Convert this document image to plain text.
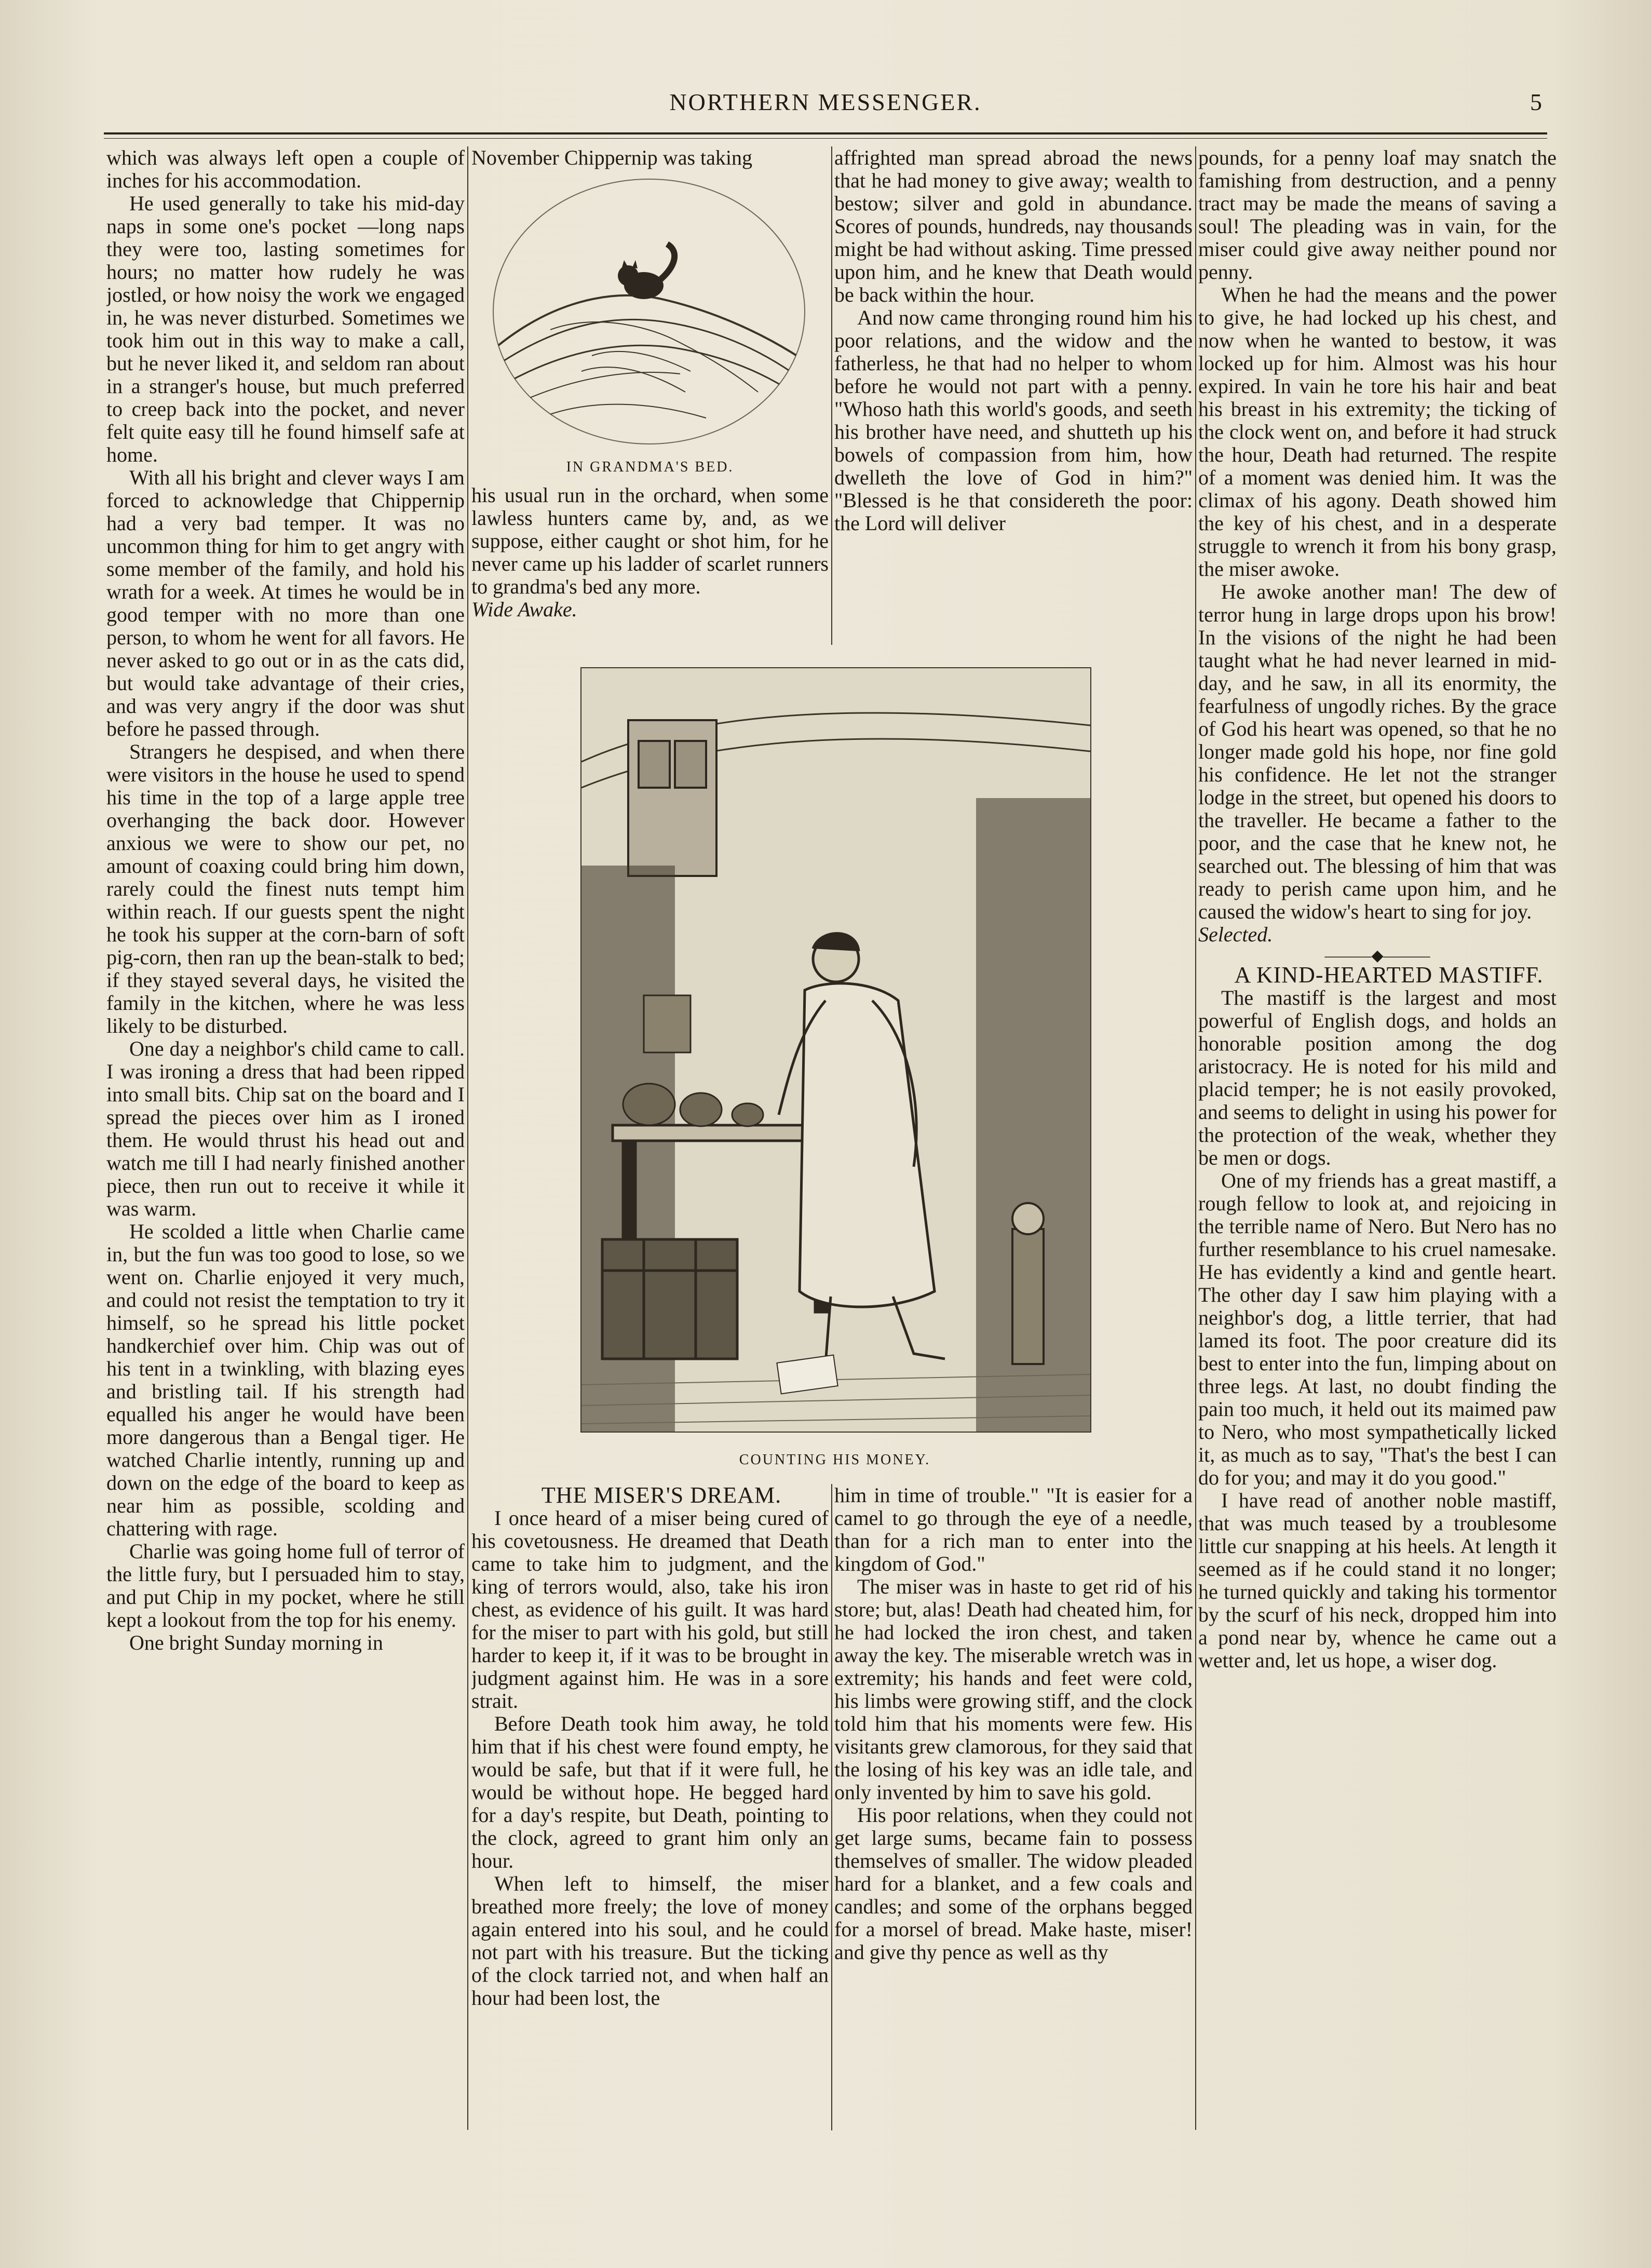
NORTHERN MESSENGER.	5

which was always left open a couple of inches for his accommodation.

He used generally to take his mid-day naps in some one's pocket —long naps they were too, lasting sometimes for hours; no matter how rudely he was jostled, or how noisy the work we engaged in, he was never disturbed. Sometimes we took him out in this way to make a call, but he never liked it, and seldom ran about in a stranger's house, but much preferred to creep back into the pocket, and never felt quite easy till he found himself safe at home.

With all his bright and clever ways I am forced to acknowledge that Chippernip had a very bad temper. It was no uncommon thing for him to get angry with some member of the family, and hold his wrath for a week. At times he would be in good temper with no more than one person, to whom he went for all favors. He never asked to go out or in as the cats did, but would take advantage of their cries, and was very angry if the door was shut before he passed through.

Strangers he despised, and when there were visitors in the house he used to spend his time in the top of a large apple tree overhanging the back door. However anxious we were to show our pet, no amount of coaxing could bring him down, rarely could the finest nuts tempt him within reach. If our guests spent the night he took his supper at the corn-barn of soft pig-corn, then ran up the bean-stalk to bed; if they stayed several days, he visited the family in the kitchen, where he was less likely to be disturbed.

One day a neighbor's child came to call. I was ironing a dress that had been ripped into small bits. Chip sat on the board and I spread the pieces over him as I ironed them. He would thrust his head out and watch me till I had nearly finished another piece, then run out to receive it while it was warm.

He scolded a little when Charlie came in, but the fun was too good to lose, so we went on. Charlie enjoyed it very much, and could not resist the temptation to try it himself, so he spread his little pocket handkerchief over him. Chip was out of his tent in a twinkling, with blazing eyes and bristling tail. If his strength had equalled his anger he would have been more dangerous than a Bengal tiger. He watched Charlie intently, running up and down on the edge of the board to keep as near him as possible, scolding and chattering with rage.

Charlie was going home full of terror of the little fury, but I persuaded him to stay, and put Chip in my pocket, where he still kept a lookout from the top for his enemy.

One bright Sunday morning in

November Chippernip was taking

IN GRANDMA'S BED.

his usual run in the orchard, when some lawless hunters came by, and, as we suppose, either caught or shot him, for he never came up his ladder of scarlet runners to grandma's bed any more.

Wide Awake.

affrighted man spread abroad the news that he had money to give away; wealth to bestow; silver and gold in abundance. Scores of pounds, hundreds, nay thousands might be had without asking. Time pressed upon him, and he knew that Death would be back within the hour.

And now came thronging round him his poor relations, and the widow and the fatherless, he that had no helper to whom before he would not part with a penny. "Whoso hath this world's goods, and seeth his brother have need, and shutteth up his bowels of compassion from him, how dwelleth the love of God in him?" "Blessed is he that considereth the poor: the Lord will deliver

COUNTING HIS MONEY.

THE MISER'S DREAM.

I once heard of a miser being cured of his covetousness. He dreamed that Death came to take him to judgment, and the king of terrors would, also, take his iron chest, as evidence of his guilt. It was hard for the miser to part with his gold, but still harder to keep it, if it was to be brought in judgment against him. He was in a sore strait.

Before Death took him away, he told him that if his chest were found empty, he would be safe, but that if it were full, he would be without hope. He begged hard for a day's respite, but Death, pointing to the clock, agreed to grant him only an hour.

When left to himself, the miser breathed more freely; the love of money again entered into his soul, and he could not part with his treasure. But the ticking of the clock tarried not, and when half an hour had been lost, the

him in time of trouble." "It is easier for a camel to go through the eye of a needle, than for a rich man to enter into the kingdom of God."

The miser was in haste to get rid of his store; but, alas! Death had cheated him, for he had locked the iron chest, and taken away the key. The miserable wretch was in extremity; his hands and feet were cold, his limbs were growing stiff, and the clock told him that his moments were few. His visitants grew clamorous, for they said that the losing of his key was an idle tale, and only invented by him to save his gold.

His poor relations, when they could not get large sums, became fain to possess themselves of smaller. The widow pleaded hard for a blanket, and a few coals and candles; and some of the orphans begged for a morsel of bread. Make haste, miser! and give thy pence as well as thy

pounds, for a penny loaf may snatch the famishing from destruction, and a penny tract may be made the means of saving a soul! The pleading was in vain, for the miser could give away neither pound nor penny.

When he had the means and the power to give, he had locked up his chest, and now when he wanted to bestow, it was locked up for him. Almost was his hour expired. In vain he tore his hair and beat his breast in his extremity; the ticking of the clock went on, and before it had struck the hour, Death had returned. The respite of a moment was denied him. It was the climax of his agony. Death showed him the key of his chest, and in a desperate struggle to wrench it from his bony grasp, the miser awoke.

He awoke another man! The dew of terror hung in large drops upon his brow! In the visions of the night he had been taught what he had never learned in mid-day, and he saw, in all its enormity, the fearfulness of ungodly riches. By the grace of God his heart was opened, so that he no longer made gold his hope, nor fine gold his confidence. He let not the stranger lodge in the street, but opened his doors to the traveller. He became a father to the poor, and the case that he knew not, he searched out. The blessing of him that was ready to perish came upon him, and he caused the widow's heart to sing for joy.

Selected.

———◆———

A KIND-HEARTED MASTIFF.

The mastiff is the largest and most powerful of English dogs, and holds an honorable position among the dog aristocracy. He is noted for his mild and placid temper; he is not easily provoked, and seems to delight in using his power for the protection of the weak, whether they be men or dogs.

One of my friends has a great mastiff, a rough fellow to look at, and rejoicing in the terrible name of Nero. But Nero has no further resemblance to his cruel namesake. He has evidently a kind and gentle heart. The other day I saw him playing with a neighbor's dog, a little terrier, that had lamed its foot. The poor creature did its best to enter into the fun, limping about on three legs. At last, no doubt finding the pain too much, it held out its maimed paw to Nero, who most sympathetically licked it, as much as to say, "That's the best I can do for you; and may it do you good."

I have read of another noble mastiff, that was much teased by a troublesome little cur snapping at his heels. At length it seemed as if he could stand it no longer; he turned quickly and taking his tormentor by the scurf of his neck, dropped him into a pond near by, whence he came out a wetter and, let us hope, a wiser dog.
